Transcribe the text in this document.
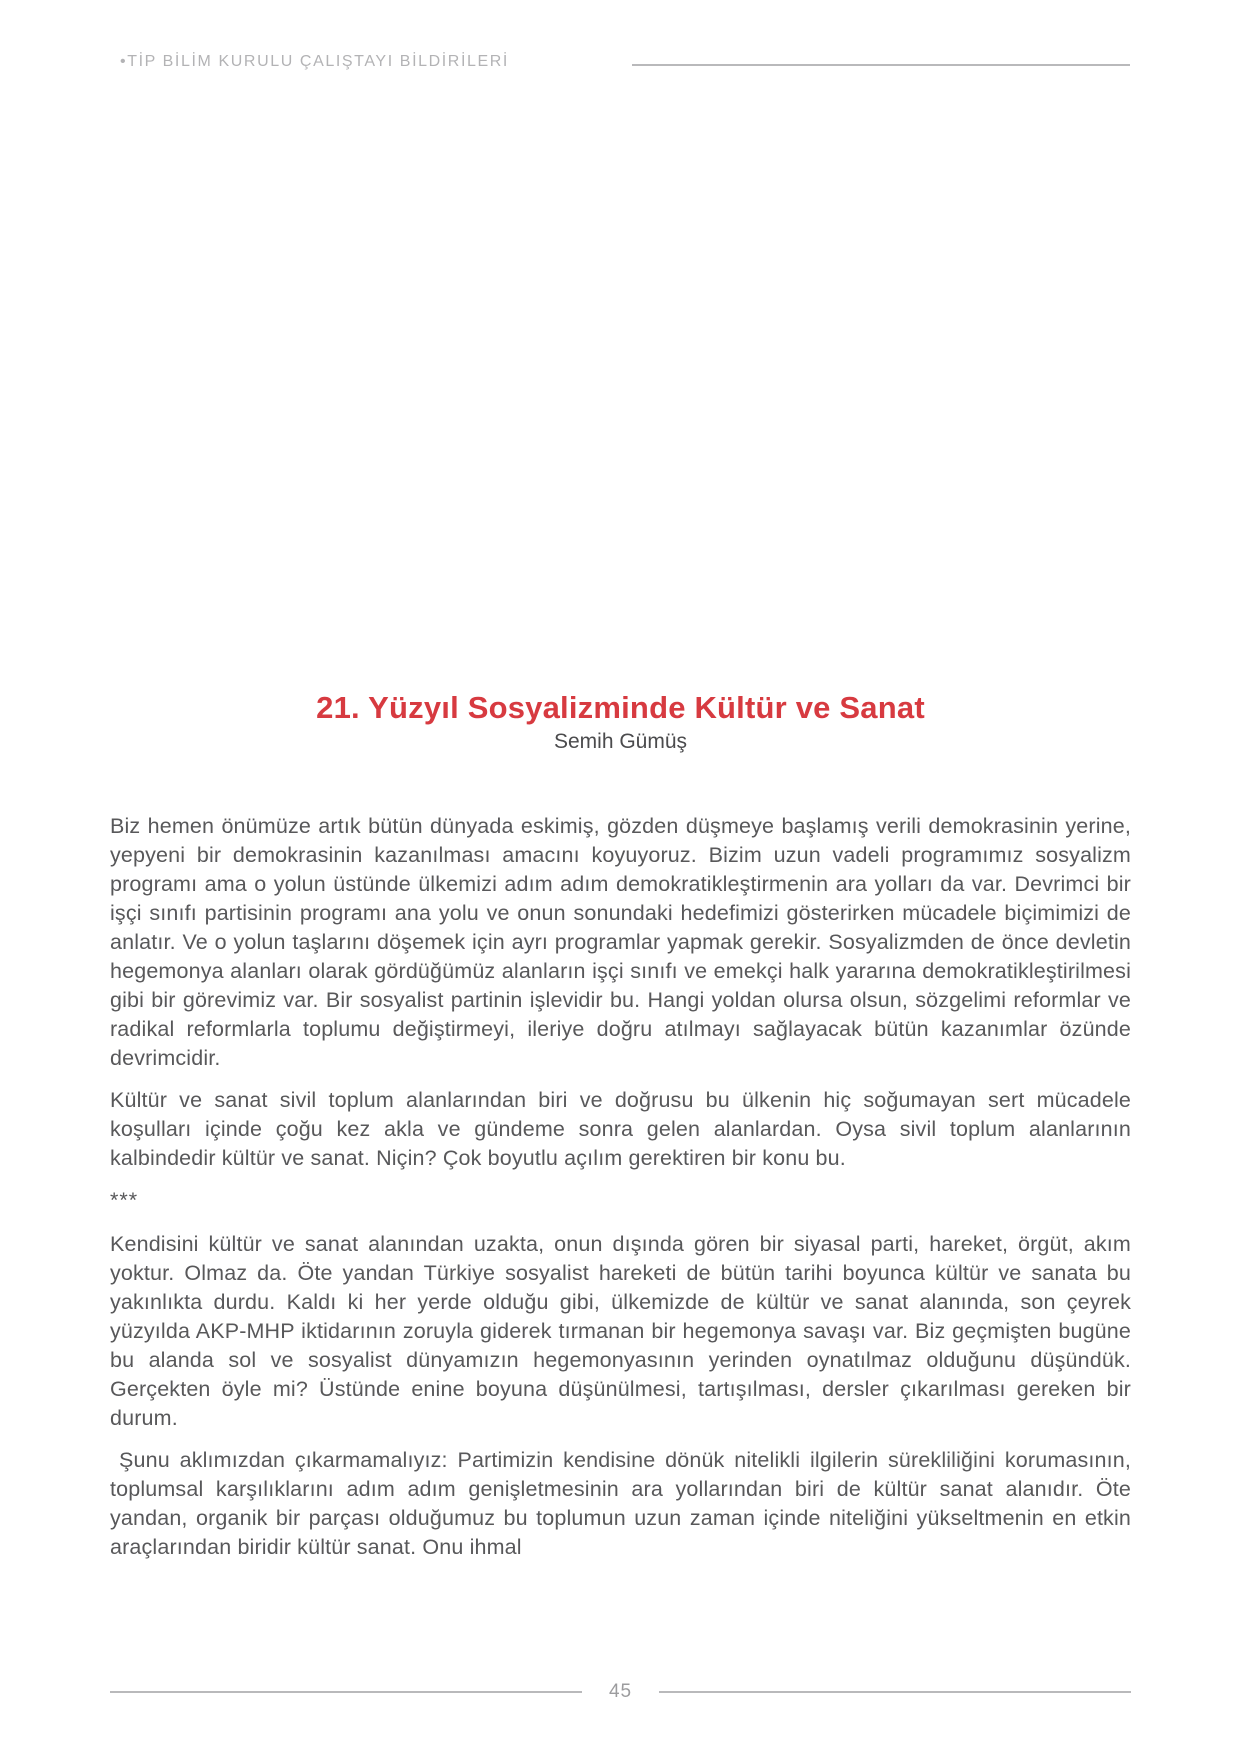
•TİP BİLİM KURULU ÇALIŞTAYI BİLDİRİLERİ
21. Yüzyıl Sosyalizminde Kültür ve Sanat
Semih Gümüş

Biz hemen önümüze artık bütün dünyada eskimiş, gözden düşmeye başlamış verili demokrasinin yerine, yepyeni bir demokrasinin kazanılması amacını koyuyoruz. Bizim uzun vadeli programımız sosyalizm programı ama o yolun üstünde ülkemizi adım adım demokratikleştirmenin ara yolları da var. Devrimci bir işçi sınıfı partisinin programı ana yolu ve onun sonundaki hedefimizi gösterirken mücadele biçimimizi de anlatır. Ve o yolun taşlarını döşemek için ayrı programlar yapmak gerekir. Sosyalizmden de önce devletin hegemonya alanları olarak gördüğümüz alanların işçi sınıfı ve emekçi halk yararına demokratikleştirilmesi gibi bir görevimiz var. Bir sosyalist partinin işlevidir bu. Hangi yoldan olursa olsun, sözgelimi reformlar ve radikal reformlarla toplumu değiştirmeyi, ileriye doğru atılmayı sağlayacak bütün kazanımlar özünde devrimcidir.

Kültür ve sanat sivil toplum alanlarından biri ve doğrusu bu ülkenin hiç soğumayan sert mücadele koşulları içinde çoğu kez akla ve gündeme sonra gelen alanlardan. Oysa sivil toplum alanlarının kalbindedir kültür ve sanat. Niçin? Çok boyutlu açılım gerektiren bir konu bu.

***

Kendisini kültür ve sanat alanından uzakta, onun dışında gören bir siyasal parti, hareket, örgüt, akım yoktur. Olmaz da. Öte yandan Türkiye sosyalist hareketi de bütün tarihi boyunca kültür ve sanata bu yakınlıkta durdu. Kaldı ki her yerde olduğu gibi, ülkemizde de kültür ve sanat alanında, son çeyrek yüzyılda AKP-MHP iktidarının zoruyla giderek tırmanan bir hegemonya savaşı var. Biz geçmişten bugüne bu alanda sol ve sosyalist dünyamızın hegemonyasının yerinden oynatılmaz olduğunu düşündük. Gerçekten öyle mi? Üstünde enine boyuna düşünülmesi, tartışılması, dersler çıkarılması gereken bir durum.

Şunu aklımızdan çıkarmamalıyız: Partimizin kendisine dönük nitelikli ilgilerin sürekliliğini korumasının, toplumsal karşılıklarını adım adım genişletmesinin ara yollarından biri de kültür sanat alanıdır. Öte yandan, organik bir parçası olduğumuz bu toplumun uzun zaman içinde niteliğini yükseltmenin en etkin araçlarından biridir kültür sanat. Onu ihmal

45
